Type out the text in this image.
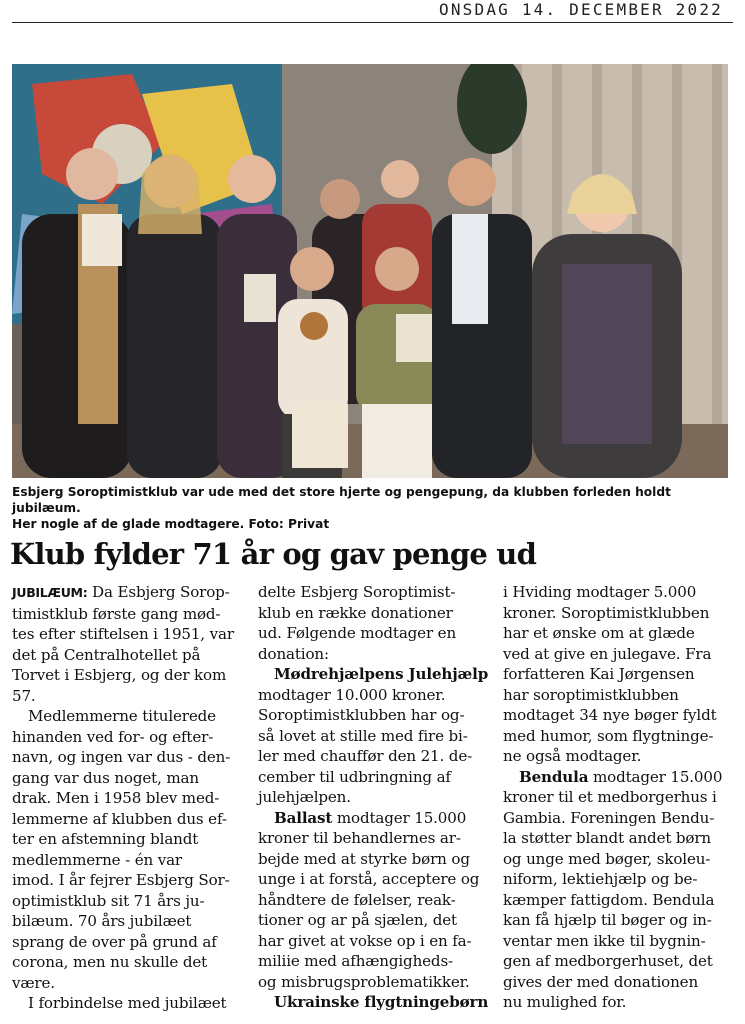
ONSDAG 14. DECEMBER 2022
Esbjerg Soroptimistklub var ude med det store hjerte og pengepung, da klubben forleden holdt jubilæum.
Her nogle af de glade modtagere. Foto: Privat
Klub fylder 71 år og gav penge ud

JUBILÆUM: Da Esbjerg Sorop-
timistklub første gang mød-
tes efter stiftelsen i 1951, var
det på Centralhotellet på
Torvet i Esbjerg, og der kom
57.

Medlemmerne titulerede
hinanden ved for- og efter-
navn, og ingen var dus - den-
gang var dus noget, man
drak. Men i 1958 blev med-
lemmerne af klubben dus ef-
ter en afstemning blandt
medlemmerne - én var
imod. I år fejrer Esbjerg Sor-
optimistklub sit 71 års ju-
bilæum. 70 års jubilæet
sprang de over på grund af
corona, men nu skulle det
være.

I forbindelse med jubilæet

delte Esbjerg Soroptimist-
klub en række donationer
ud. Følgende modtager en
donation:

Mødrehjælpens Julehjælp
modtager 10.000 kroner.
Soroptimistklubben har og-
så lovet at stille med fire bi-
ler med chauffør den 21. de-
cember til udbringning af
julehjælpen.

Ballast modtager 15.000
kroner til behandlernes ar-
bejde med at styrke børn og
unge i at forstå, acceptere og
håndtere de følelser, reak-
tioner og ar på sjælen, det
har givet at vokse op i en fa-
miliie med afhængigheds-
og misbrugsproblematikker.

Ukrainske flygtningebørn

i Hviding modtager 5.000
kroner. Soroptimistklubben
har et ønske om at glæde
ved at give en julegave. Fra
forfatteren Kai Jørgensen
har soroptimistklubben
modtaget 34 nye bøger fyldt
med humor, som flygtninge-
ne også modtager.

Bendula modtager 15.000
kroner til et medborgerhus i
Gambia. Foreningen Bendu-
la støtter blandt andet børn
og unge med bøger, skoleu-
niform, lektiehjælp og be-
kæmper fattigdom. Bendula
kan få hjælp til bøger og in-
ventar men ikke til bygnin-
gen af medborgerhuset, det
gives der med donationen
nu mulighed for.
